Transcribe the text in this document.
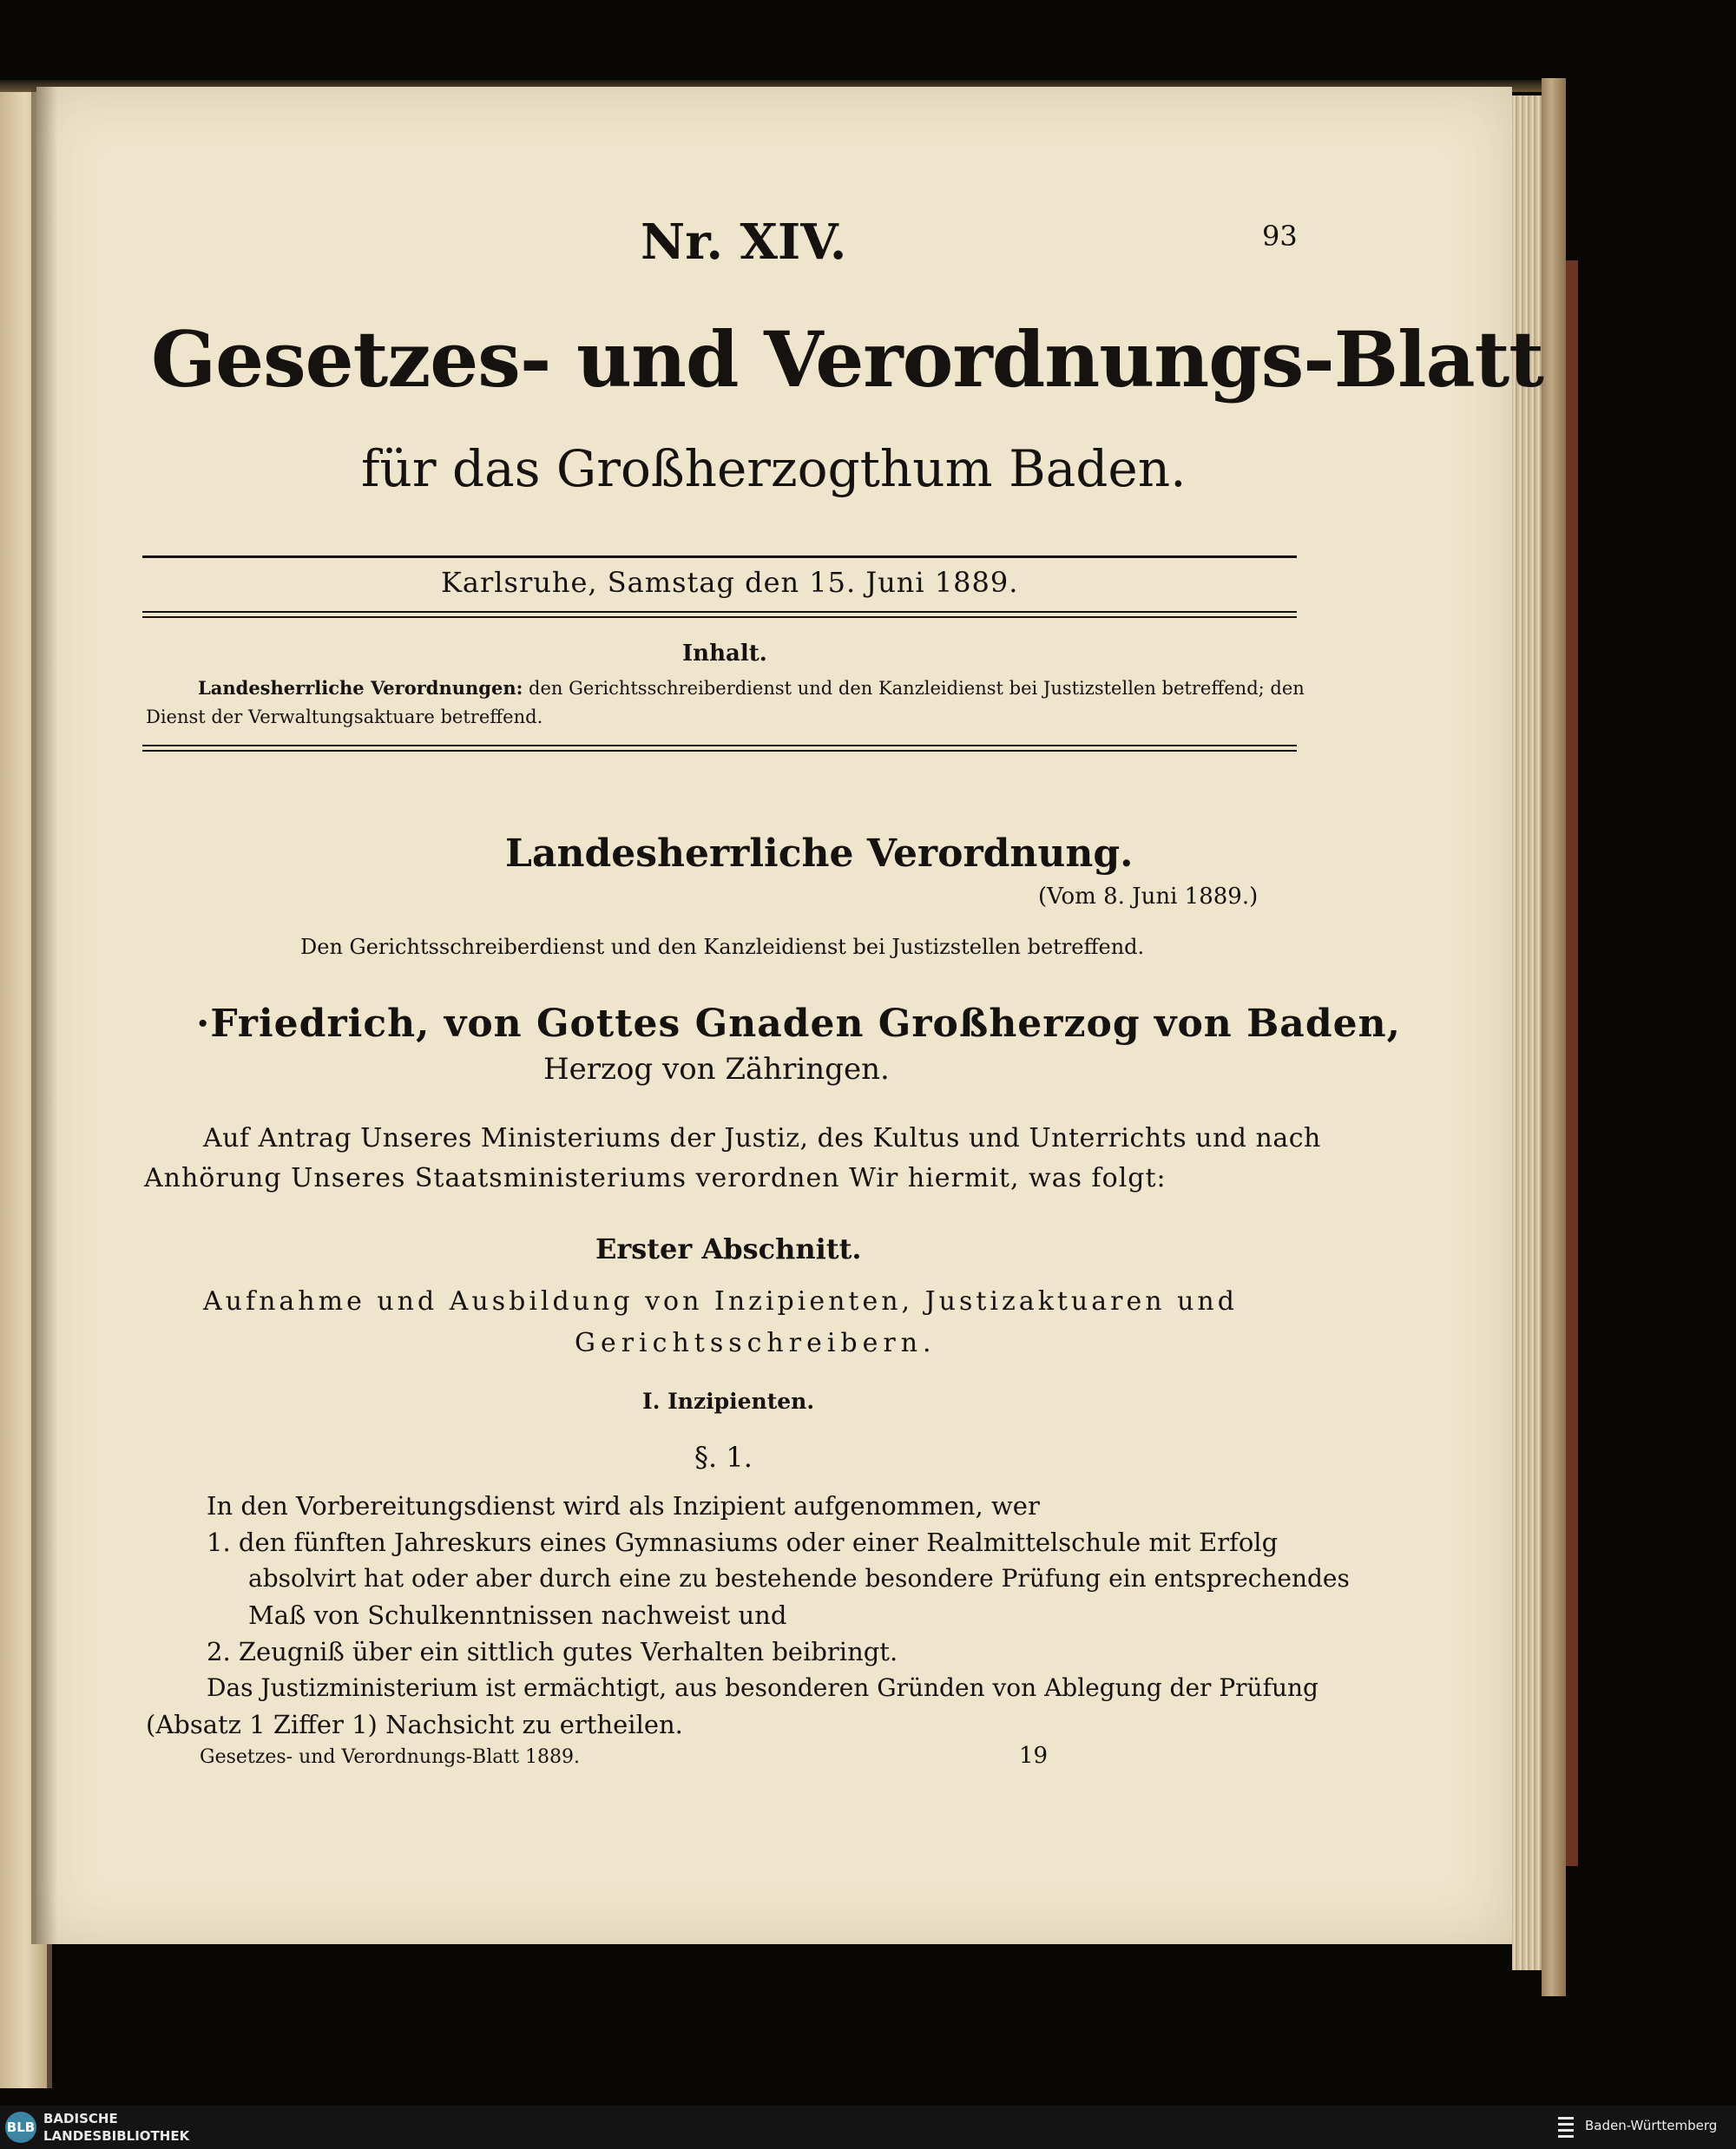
Nr. XIV.	93
Gesetzes- und Verordnungs-Blatt
für das Großherzogthum Baden.
Karlsruhe, Samstag den 15. Juni 1889.
Inhalt.
Landesherrliche Verordnungen: den Gerichtsschreiberdienst und den Kanzleidienst bei Justizstellen betreffend; den
Dienst der Verwaltungsaktuare betreffend.
Landesherrliche Verordnung.
(Vom 8. Juni 1889.)
Den Gerichtsschreiberdienst und den Kanzleidienst bei Justizstellen betreffend.
·Friedrich, von Gottes Gnaden Großherzog von Baden,
Herzog von Zähringen.
Auf Antrag Unseres Ministeriums der Justiz, des Kultus und Unterrichts und nach
Anhörung Unseres Staatsministeriums verordnen Wir hiermit, was folgt:
Erster Abschnitt.
Aufnahme und Ausbildung von Inzipienten, Justizaktuaren und
Gerichtsschreibern.
I. Inzipienten.
§. 1.
In den Vorbereitungsdienst wird als Inzipient aufgenommen, wer
1. den fünften Jahreskurs eines Gymnasiums oder einer Realmittelschule mit Erfolg
absolvirt hat oder aber durch eine zu bestehende besondere Prüfung ein entsprechendes
Maß von Schulkenntnissen nachweist und
2. Zeugniß über ein sittlich gutes Verhalten beibringt.
Das Justizministerium ist ermächtigt, aus besonderen Gründen von Ablegung der Prüfung
(Absatz 1 Ziffer 1) Nachsicht zu ertheilen.
Gesetzes- und Verordnungs-Blatt 1889.	19
BLB
BADISCHE
LANDESBIBLIOTHEK
Baden-Württemberg
